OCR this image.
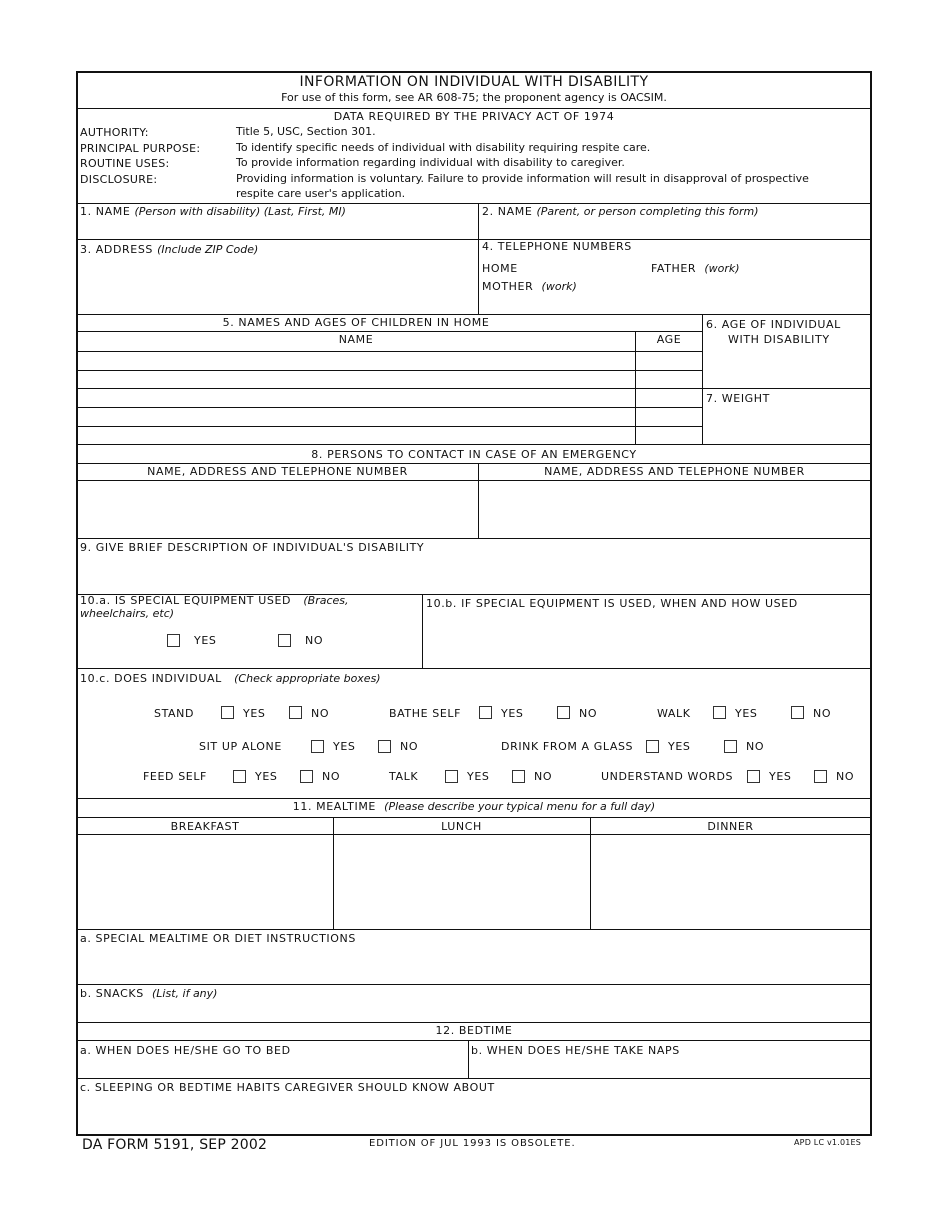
INFORMATION ON INDIVIDUAL WITH DISABILITY
For use of this form, see AR 608-75; the proponent agency is OACSIM.
DATA REQUIRED BY THE PRIVACY ACT OF 1974
AUTHORITY:	Title 5, USC, Section 301.
PRINCIPAL PURPOSE:	To identify specific needs of individual with disability requiring respite care.
ROUTINE USES:	To provide information regarding individual with disability to caregiver.
DISCLOSURE:	Providing information is voluntary. Failure to provide information will result in disapproval of prospective
respite care user's application.
1. NAME (Person with disability) (Last, First, MI)	2. NAME (Parent, or person completing this form)
3. ADDRESS (Include ZIP Code)	4. TELEPHONE NUMBERS
HOME	FATHER (work)
MOTHER (work)
5. NAMES AND AGES OF CHILDREN IN HOME
NAME	AGE
6. AGE OF INDIVIDUAL
WITH DISABILITY
7. WEIGHT
8. PERSONS TO CONTACT IN CASE OF AN EMERGENCY
NAME, ADDRESS AND TELEPHONE NUMBER	NAME, ADDRESS AND TELEPHONE NUMBER
9. GIVE BRIEF DESCRIPTION OF INDIVIDUAL'S DISABILITY
10.a. IS SPECIAL EQUIPMENT USED (Braces,
wheelchairs, etc)
YES	NO
10.b. IF SPECIAL EQUIPMENT IS USED, WHEN AND HOW USED
10.c. DOES INDIVIDUAL (Check appropriate boxes)
STAND	YES	NO	BATHE SELF	YES	NO	WALK	YES	NO
SIT UP ALONE	YES	NO	DRINK FROM A GLASS	YES	NO
FEED SELF	YES	NO	TALK	YES	NO	UNDERSTAND WORDS	YES	NO
11. MEALTIME (Please describe your typical menu for a full day)
BREAKFAST	LUNCH	DINNER
a. SPECIAL MEALTIME OR DIET INSTRUCTIONS
b. SNACKS (List, if any)
12. BEDTIME
a. WHEN DOES HE/SHE GO TO BED	b. WHEN DOES HE/SHE TAKE NAPS
c. SLEEPING OR BEDTIME HABITS CAREGIVER SHOULD KNOW ABOUT
DA FORM 5191, SEP 2002	EDITION OF JUL 1993 IS OBSOLETE.	APD LC v1.01ES
